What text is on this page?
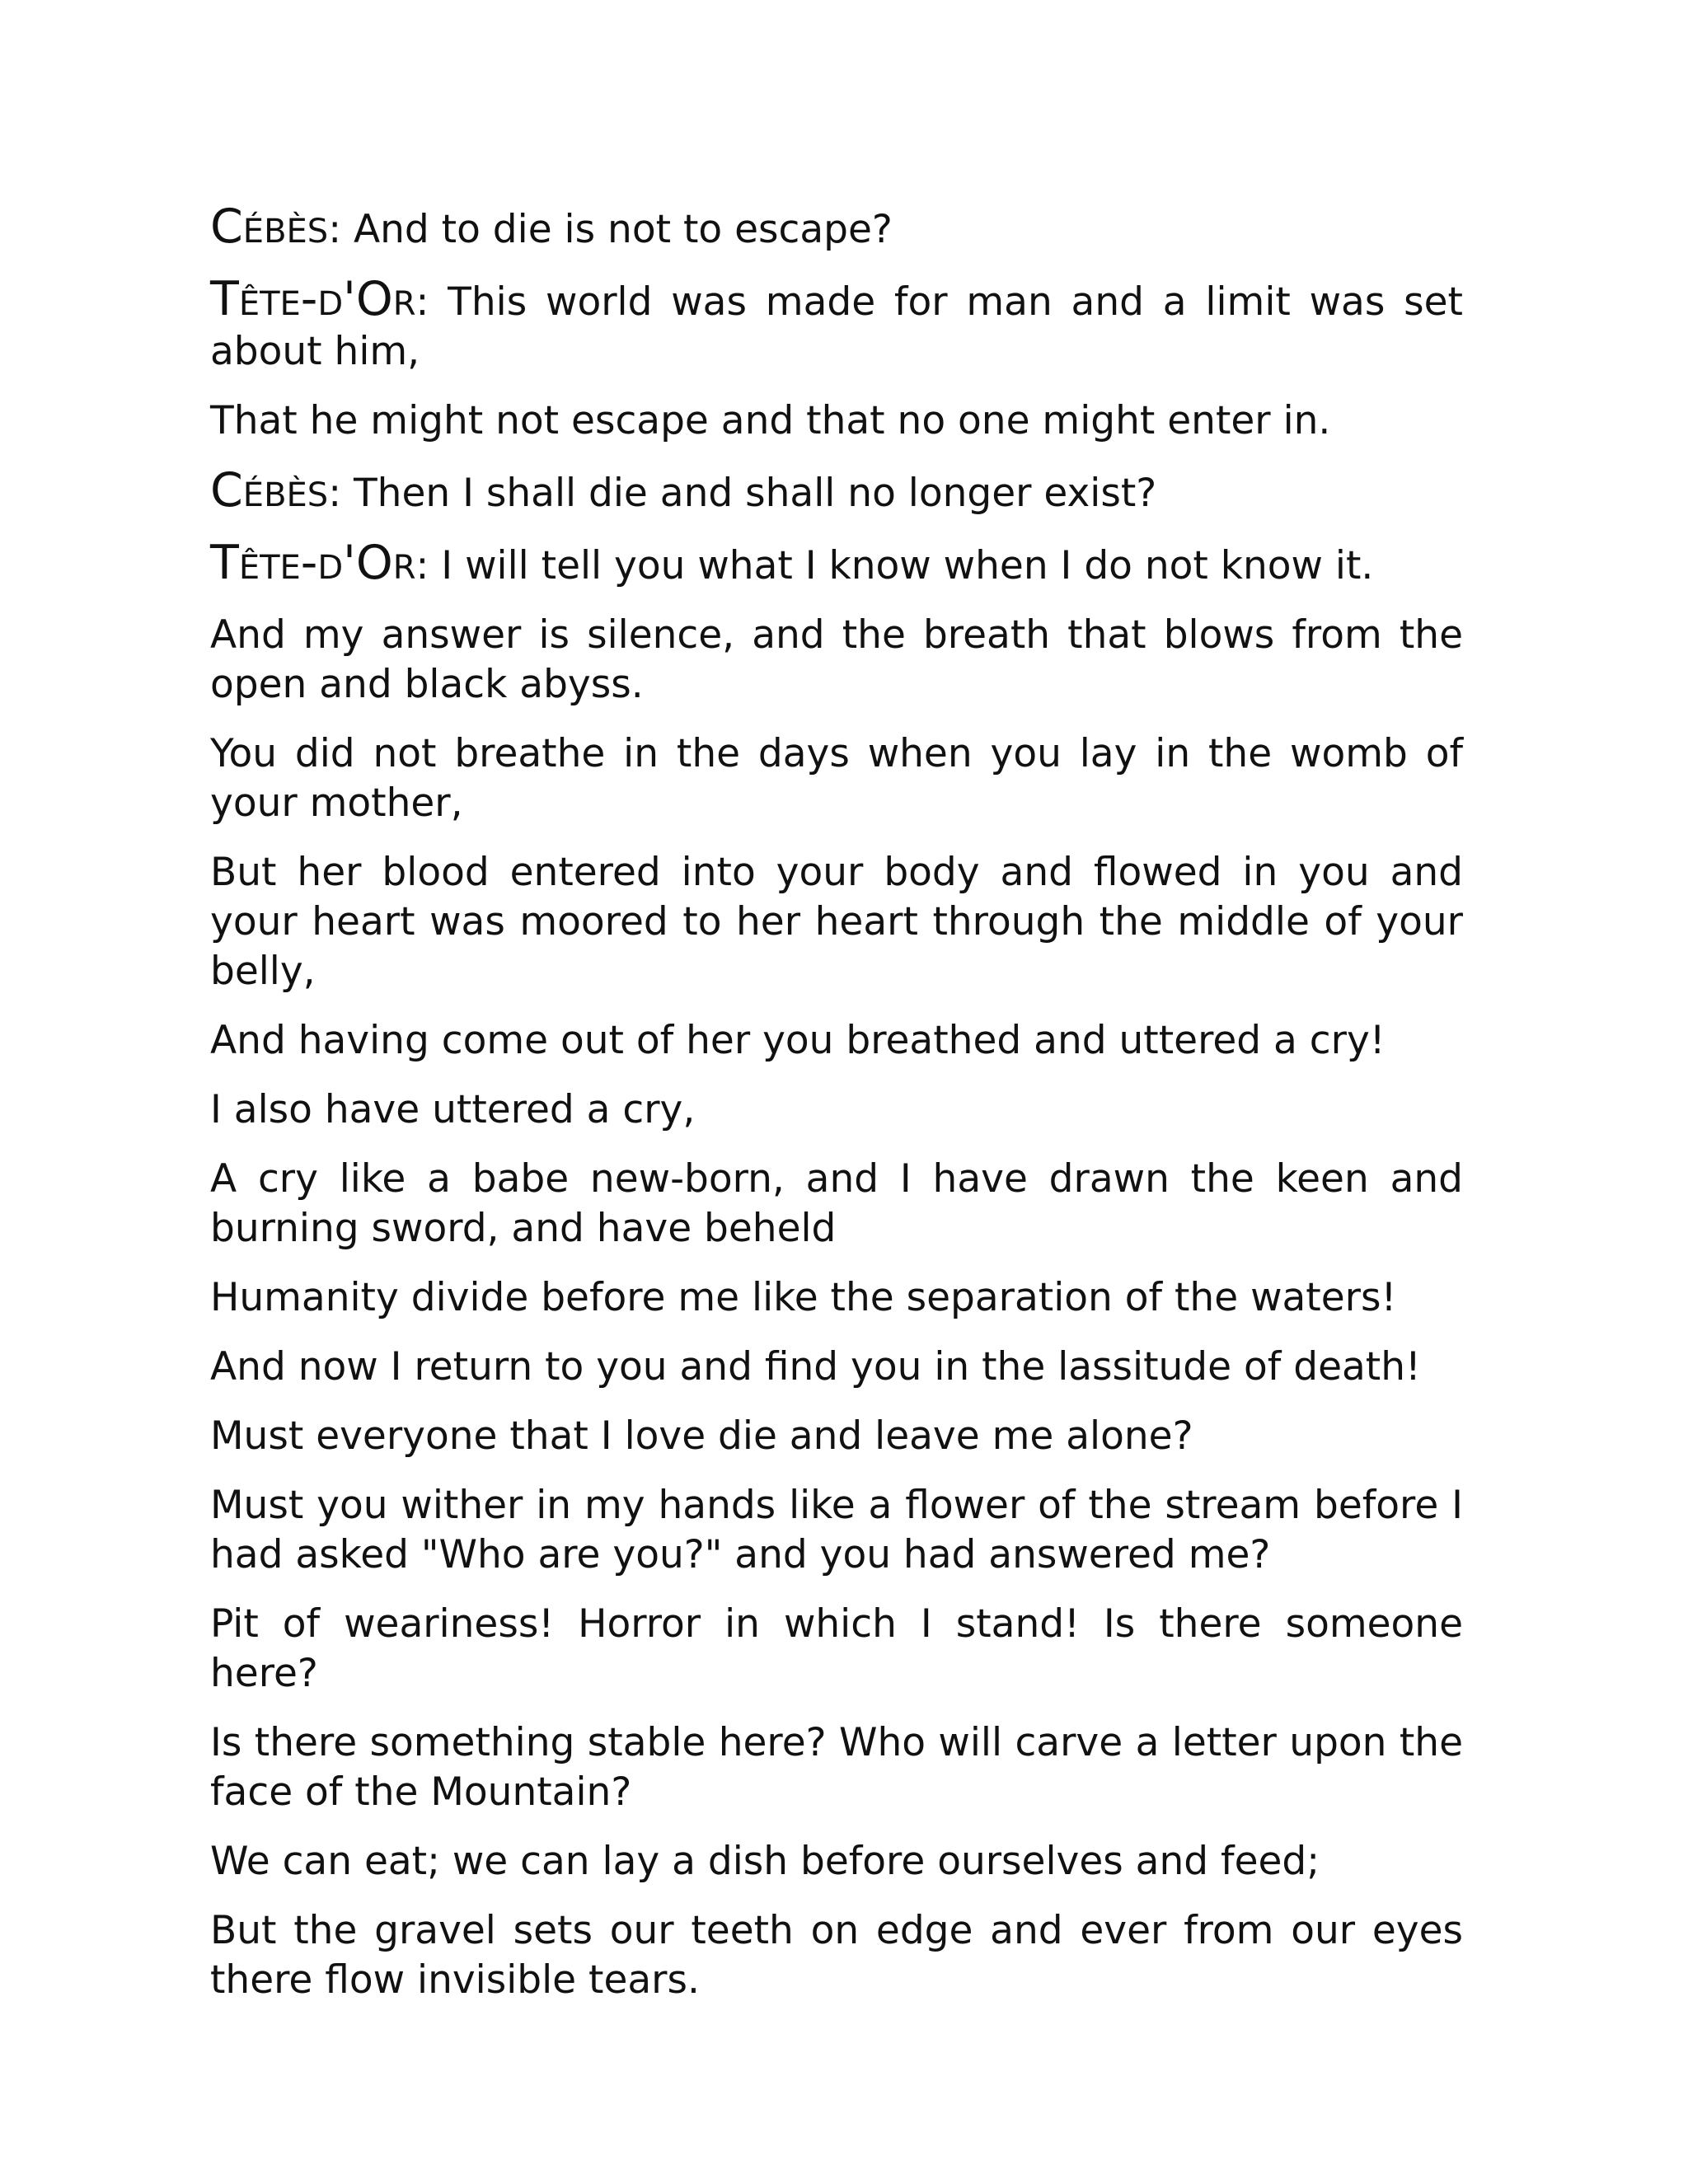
Cébès: And to die is not to escape?

Tête-d'Or: This world was made for man and a limit was set about him,

That he might not escape and that no one might enter in.

Cébès: Then I shall die and shall no longer exist?

Tête-d'Or: I will tell you what I know when I do not know it.

And my answer is silence, and the breath that blows from the open and black abyss.

You did not breathe in the days when you lay in the womb of your mother,

But her blood entered into your body and flowed in you and your heart was moored to her heart through the middle of your belly,

And having come out of her you breathed and uttered a cry!

I also have uttered a cry,

A cry like a babe new-born, and I have drawn the keen and burning sword, and have beheld

Humanity divide before me like the separation of the waters!

And now I return to you and find you in the lassitude of death!

Must everyone that I love die and leave me alone?

Must you wither in my hands like a flower of the stream before I had asked "Who are you?" and you had answered me?

Pit of weariness! Horror in which I stand! Is there someone here?

Is there something stable here? Who will carve a letter upon the face of the Mountain?

We can eat; we can lay a dish before ourselves and feed;

But the gravel sets our teeth on edge and ever from our eyes there flow invisible tears.
